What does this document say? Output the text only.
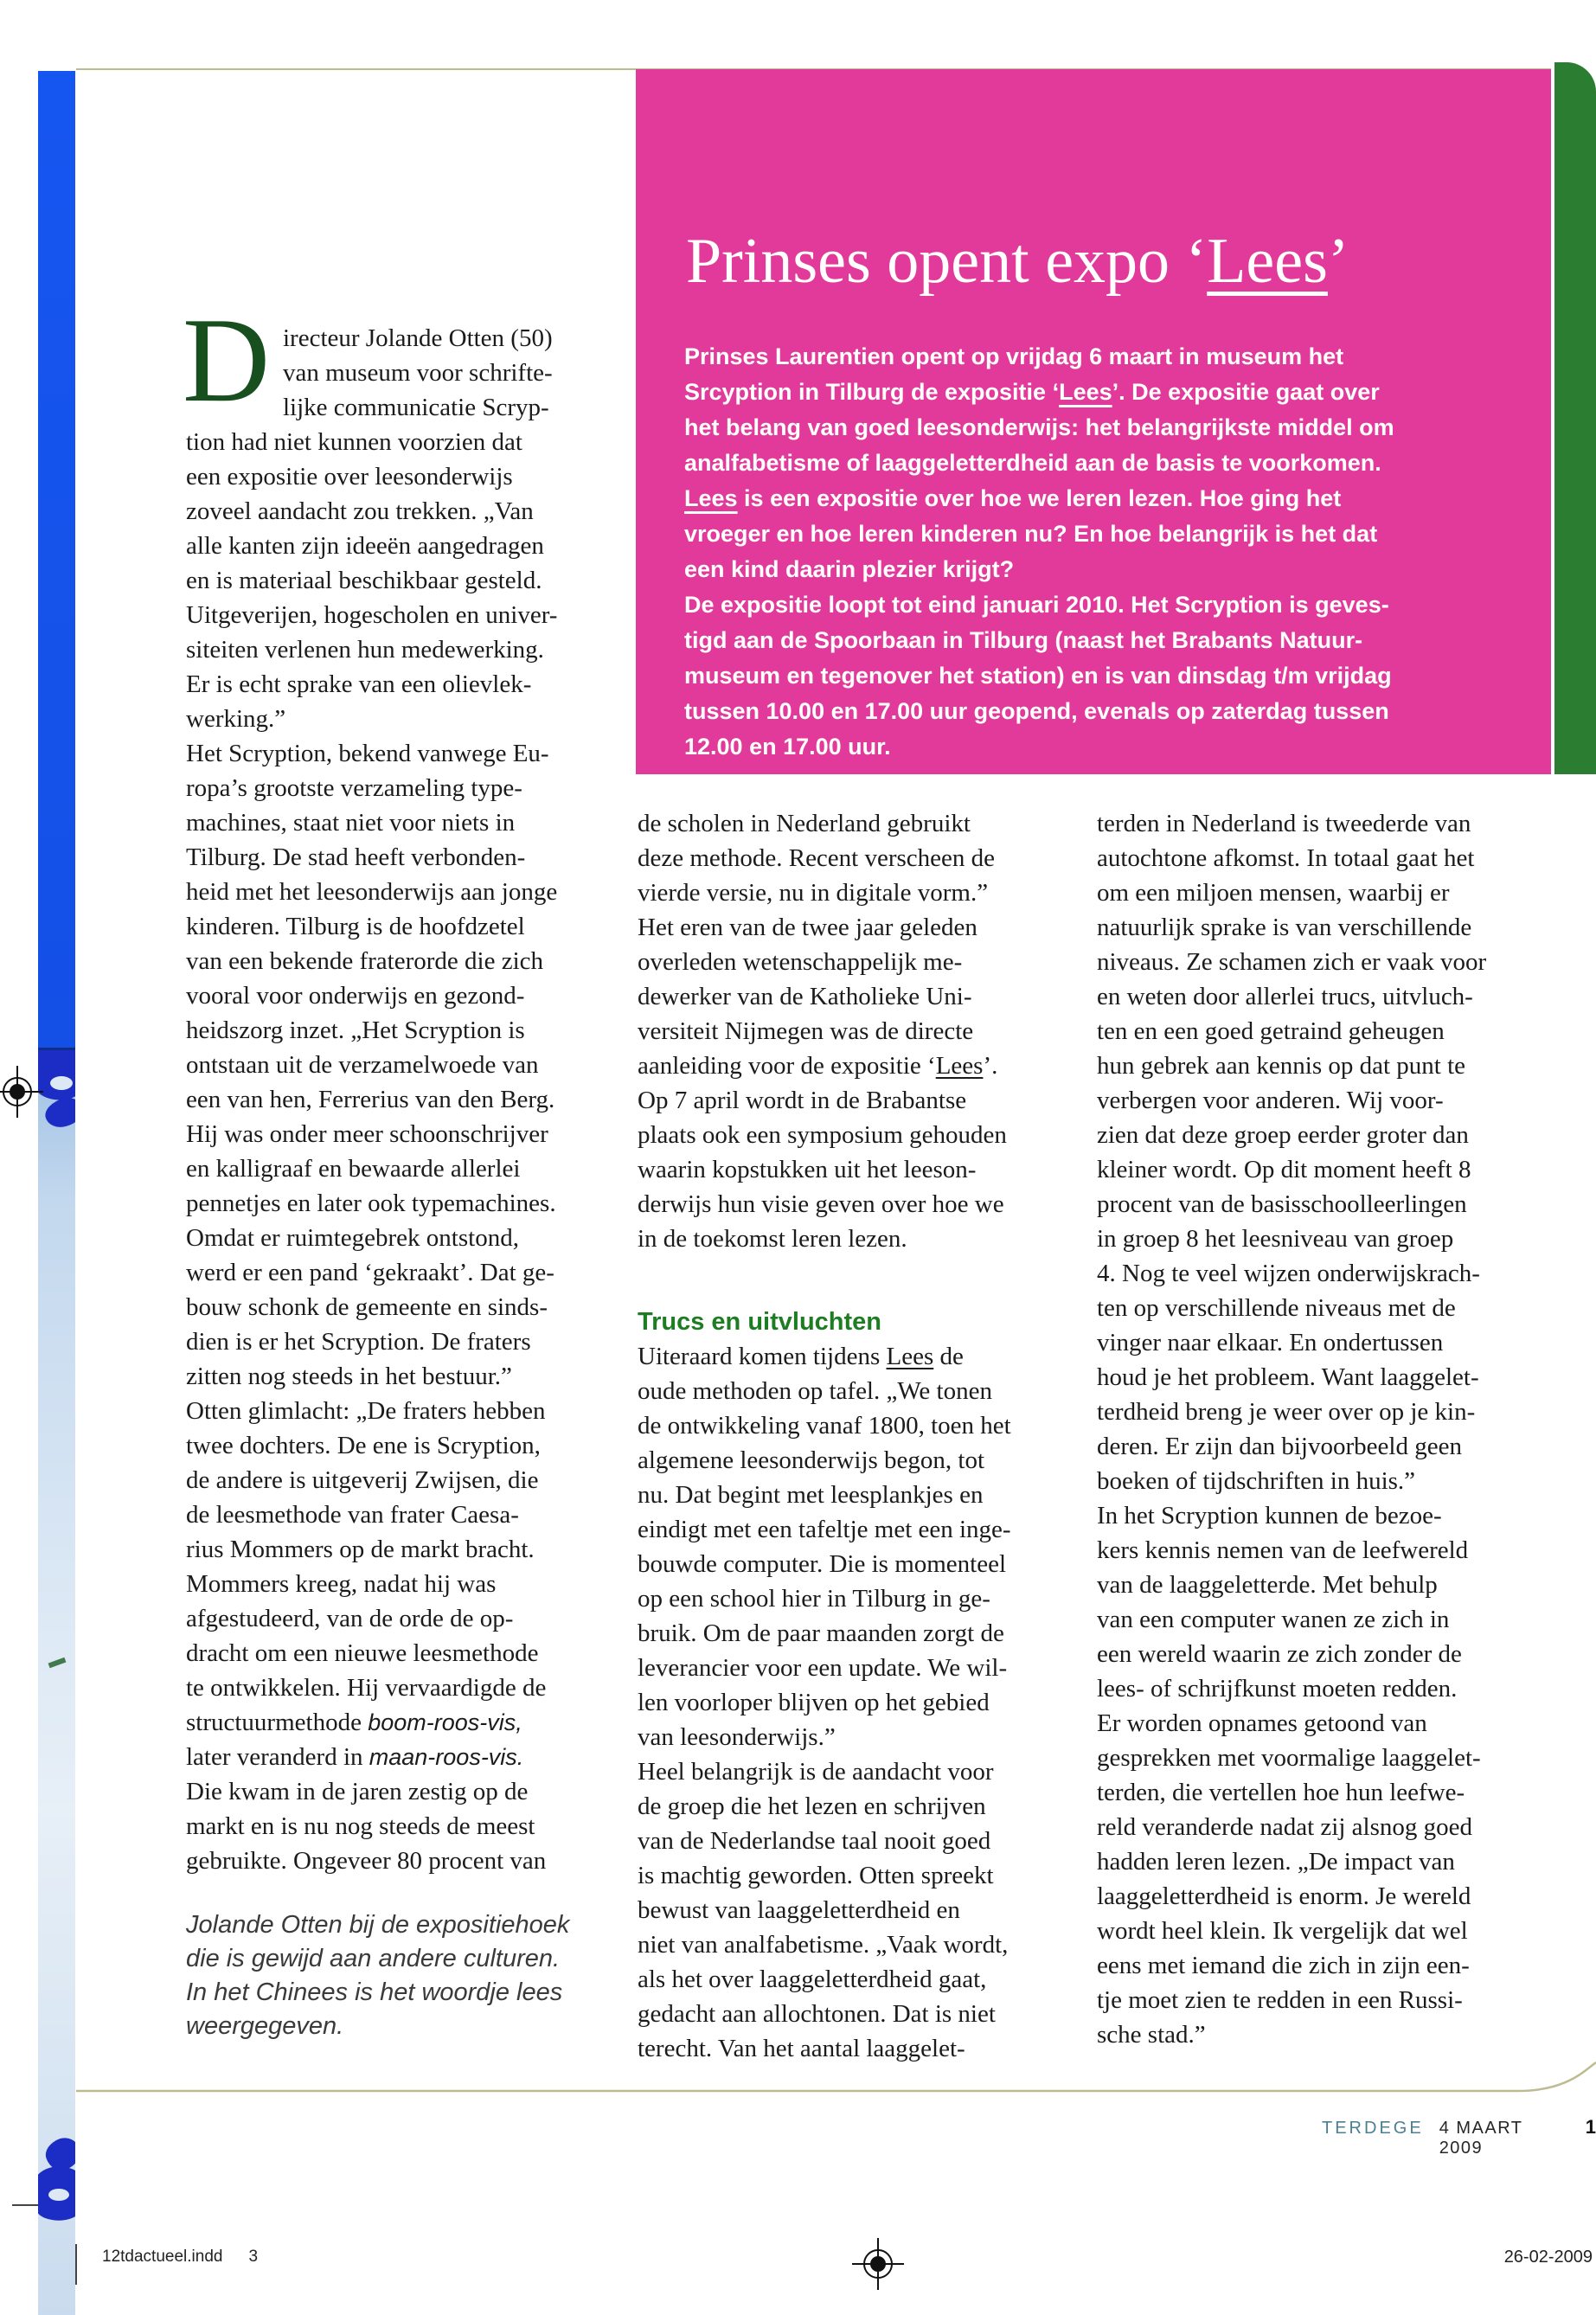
Prinses opent expo ‘Lees’
Prinses Laurentien opent op vrijdag 6 maart in museum het
Srcyption in Tilburg de expositie ‘Lees’. De expositie gaat over
het belang van goed leesonderwijs: het belangrijkste middel om
analfabetisme of laaggeletterdheid aan de basis te voorkomen.
Lees is een expositie over hoe we leren lezen. Hoe ging het
vroeger en hoe leren kinderen nu? En hoe belangrijk is het dat
een kind daarin plezier krijgt?
De expositie loopt tot eind januari 2010. Het Scryption is geves-
tigd aan de Spoorbaan in Tilburg (naast het Brabants Natuur-
museum en tegenover het station) en is van dinsdag t/m vrijdag
tussen 10.00 en 17.00 uur geopend, evenals op zaterdag tussen
12.00 en 17.00 uur.
D irecteur Jolande Otten (50)
van museum voor schrifte-
lijke communicatie Scryp-
tion had niet kunnen voorzien dat
een expositie over leesonderwijs
zoveel aandacht zou trekken. „Van
alle kanten zijn ideeën aangedragen
en is materiaal beschikbaar gesteld.
Uitgeverijen, hogescholen en univer-
siteiten verlenen hun medewerking.
Er is echt sprake van een olievlek-
werking.”
Het Scryption, bekend vanwege Eu-
ropa’s grootste verzameling type-
machines, staat niet voor niets in
Tilburg. De stad heeft verbonden-
heid met het leesonderwijs aan jonge
kinderen. Tilburg is de hoofdzetel
van een bekende fraterorde die zich
vooral voor onderwijs en gezond-
heidszorg inzet. „Het Scryption is
ontstaan uit de verzamelwoede van
een van hen, Ferrerius van den Berg.
Hij was onder meer schoonschrijver
en kalligraaf en bewaarde allerlei
pennetjes en later ook typemachines.
Omdat er ruimtegebrek ontstond,
werd er een pand ‘gekraakt’. Dat ge-
bouw schonk de gemeente en sinds-
dien is er het Scryption. De fraters
zitten nog steeds in het bestuur.”
Otten glimlacht: „De fraters hebben
twee dochters. De ene is Scryption,
de andere is uitgeverij Zwijsen, die
de leesmethode van frater Caesa-
rius Mommers op de markt bracht.
Mommers kreeg, nadat hij was
afgestudeerd, van de orde de op-
dracht om een nieuwe leesmethode
te ontwikkelen. Hij vervaardigde de
structuurmethode boom-roos-vis,
later veranderd in maan-roos-vis.
Die kwam in de jaren zestig op de
markt en is nu nog steeds de meest
gebruikte. Ongeveer 80 procent van
de scholen in Nederland gebruikt
deze methode. Recent verscheen de
vierde versie, nu in digitale vorm.”
Het eren van de twee jaar geleden
overleden wetenschappelijk me-
dewerker van de Katholieke Uni-
versiteit Nijmegen was de directe
aanleiding voor de expositie ‘Lees’.
Op 7 april wordt in de Brabantse
plaats ook een symposium gehouden
waarin kopstukken uit het leeson-
derwijs hun visie geven over hoe we
in de toekomst leren lezen.
Trucs en uitvluchten
Uiteraard komen tijdens Lees de
oude methoden op tafel. „We tonen
de ontwikkeling vanaf 1800, toen het
algemene leesonderwijs begon, tot
nu. Dat begint met leesplankjes en
eindigt met een tafeltje met een inge-
bouwde computer. Die is momenteel
op een school hier in Tilburg in ge-
bruik. Om de paar maanden zorgt de
leverancier voor een update. We wil-
len voorloper blijven op het gebied
van leesonderwijs.”
Heel belangrijk is de aandacht voor
de groep die het lezen en schrijven
van de Nederlandse taal nooit goed
is machtig geworden. Otten spreekt
bewust van laaggeletterdheid en
niet van analfabetisme. „Vaak wordt,
als het over laaggeletterdheid gaat,
gedacht aan allochtonen. Dat is niet
terecht. Van het aantal laaggelet-
terden in Nederland is tweederde van
autochtone afkomst. In totaal gaat het
om een miljoen mensen, waarbij er
natuurlijk sprake is van verschillende
niveaus. Ze schamen zich er vaak voor
en weten door allerlei trucs, uitvluch-
ten en een goed getraind geheugen
hun gebrek aan kennis op dat punt te
verbergen voor anderen. Wij voor-
zien dat deze groep eerder groter dan
kleiner wordt. Op dit moment heeft 8
procent van de basisschoolleerlingen
in groep 8 het leesniveau van groep
4. Nog te veel wijzen onderwijskrach-
ten op verschillende niveaus met de
vinger naar elkaar. En ondertussen
houd je het probleem. Want laaggelet-
terdheid breng je weer over op je kin-
deren. Er zijn dan bijvoorbeeld geen
boeken of tijdschriften in huis.”
In het Scryption kunnen de bezoe-
kers kennis nemen van de leefwereld
van de laaggeletterde. Met behulp
van een computer wanen ze zich in
een wereld waarin ze zich zonder de
lees- of schrijfkunst moeten redden.
Er worden opnames getoond van
gesprekken met voormalige laaggelet-
terden, die vertellen hoe hun leefwe-
reld veranderde nadat zij alsnog goed
hadden leren lezen. „De impact van
laaggeletterdheid is enorm. Je wereld
wordt heel klein. Ik vergelijk dat wel
eens met iemand die zich in zijn een-
tje moet zien te redden in een Russi-
sche stad.”
Jolande Otten bij de expositiehoek
die is gewijd aan andere culturen.
In het Chinees is het woordje lees
weergegeven.
TERDEGE 4 MAART 2009
1
12tdactueel.indd 3	26-02-2009
